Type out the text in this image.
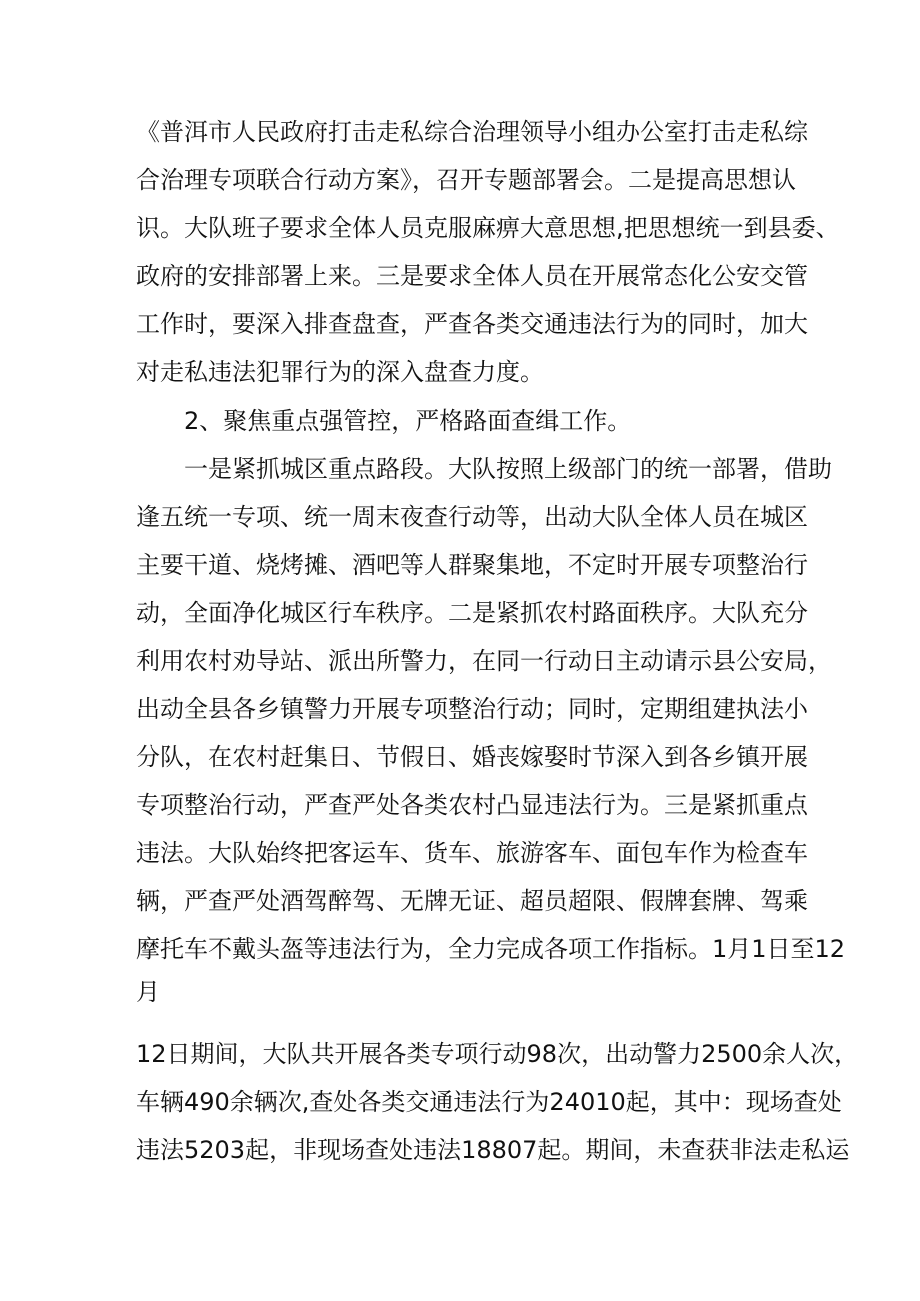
《普洱市人民政府打击走私综合治理领导小组办公室打击走私综
合治理专项联合行动方案》，召开专题部署会。二是提高思想认
识。大队班子要求全体人员克服麻痹大意思想,把思想统一到县委、
政府的安排部署上来。三是要求全体人员在开展常态化公安交管
工作时，要深入排查盘查，严查各类交通违法行为的同时，加大
对走私违法犯罪行为的深入盘查力度。
2、聚焦重点强管控，严格路面查缉工作。
一是紧抓城区重点路段。大队按照上级部门的统一部署，借助
逢五统一专项、统一周末夜查行动等，出动大队全体人员在城区
主要干道、烧烤摊、酒吧等人群聚集地，不定时开展专项整治行
动，全面净化城区行车秩序。二是紧抓农村路面秩序。大队充分
利用农村劝导站、派出所警力，在同一行动日主动请示县公安局，
出动全县各乡镇警力开展专项整治行动；同时，定期组建执法小
分队，在农村赶集日、节假日、婚丧嫁娶时节深入到各乡镇开展
专项整治行动，严查严处各类农村凸显违法行为。三是紧抓重点
违法。大队始终把客运车、货车、旅游客车、面包车作为检查车
辆，严查严处酒驾醉驾、无牌无证、超员超限、假牌套牌、驾乘
摩托车不戴头盔等违法行为，全力完成各项工作指标。1月1日至12
月
12日期间，大队共开展各类专项行动98次，出动警力2500余人次，
车辆490余辆次,查处各类交通违法行为24010起，其中：现场查处
违法5203起，非现场查处违法18807起。期间，未查获非法走私运
